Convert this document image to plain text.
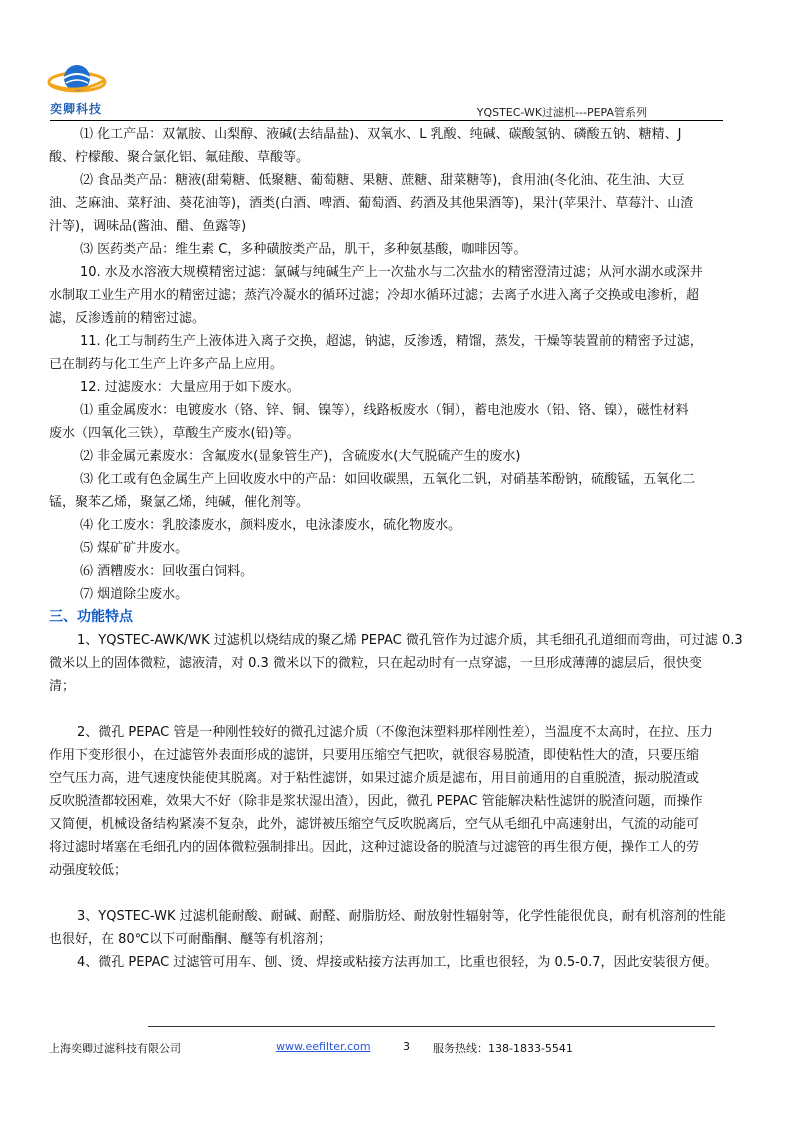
奕卿科技	YQSTEC-WK过滤机---PEPA管系列
⑴ 化工产品：双氰胺、山梨醇、液碱(去结晶盐)、双氧水、L 乳酸、纯碱、碳酸氢钠、磷酸五钠、糖精、J
酸、柠檬酸、聚合氯化铝、氟硅酸、草酸等。
⑵ 食品类产品：糖液(甜菊糖、低聚糖、葡萄糖、果糖、蔗糖、甜菜糖等)，食用油(冬化油、花生油、大豆
油、芝麻油、菜籽油、葵花油等)，酒类(白酒、啤酒、葡萄酒、药酒及其他果酒等)，果汁(苹果汁、草莓汁、山渣
汁等)，调味品(酱油、醋、鱼露等)
⑶ 医药类产品：维生素 C，多种磺胺类产品，肌干，多种氨基酸，咖啡因等。
10. 水及水溶液大规模精密过滤：氯碱与纯碱生产上一次盐水与二次盐水的精密澄清过滤；从河水湖水或深井
水制取工业生产用水的精密过滤；蒸汽冷凝水的循环过滤；冷却水循环过滤；去离子水进入离子交换或电渗析，超
滤，反渗透前的精密过滤。
11. 化工与制药生产上液体进入离子交换，超滤，钠滤，反渗透，精馏，蒸发，干燥等装置前的精密予过滤，
已在制药与化工生产上许多产品上应用。
12. 过滤废水：大量应用于如下废水。
⑴ 重金属废水：电镀废水（铬、锌、铜、镍等），线路板废水（铜），蓄电池废水（铅、铬、镍），磁性材料
废水（四氧化三铁），草酸生产废水(铅)等。
⑵ 非金属元素废水：含氟废水(显象管生产)，含硫废水(大气脱硫产生的废水)
⑶ 化工或有色金属生产上回收废水中的产品：如回收碳黑，五氧化二钒，对硝基苯酚钠，硫酸锰，五氧化二
锰，聚苯乙烯，聚氯乙烯，纯碱，催化剂等。
⑷ 化工废水：乳胶漆废水，颜料废水，电泳漆废水，硫化物废水。
⑸ 煤矿矿井废水。
⑹ 酒糟废水：回收蛋白饲料。
⑺ 烟道除尘废水。
三、功能特点
1、YQSTEC-AWK/WK 过滤机以烧结成的聚乙烯 PEPAC 微孔管作为过滤介质，其毛细孔孔道细而弯曲，可过滤 0.3
微米以上的固体微粒，滤液清，对 0.3 微米以下的微粒，只在起动时有一点穿滤，一旦形成薄薄的滤层后，很快变
清；
2、微孔 PEPAC 管是一种刚性较好的微孔过滤介质（不像泡沫塑料那样刚性差），当温度不太高时，在拉、压力
作用下变形很小，在过滤管外表面形成的滤饼，只要用压缩空气把吹，就很容易脱渣，即使粘性大的渣，只要压缩
空气压力高，进气速度快能使其脱离。对于粘性滤饼，如果过滤介质是滤布，用目前通用的自重脱渣，振动脱渣或
反吹脱渣都较困难，效果大不好（除非是浆状湿出渣），因此，微孔 PEPAC 管能解决粘性滤饼的脱渣问题，而操作
又简便，机械设备结构紧凑不复杂，此外，滤饼被压缩空气反吹脱离后，空气从毛细孔中高速射出，气流的动能可
将过滤时堵塞在毛细孔内的固体微粒强制排出。因此，这种过滤设备的脱渣与过滤管的再生很方便，操作工人的劳
动强度较低；
3、YQSTEC-WK 过滤机能耐酸、耐碱、耐醛、耐脂肪烃、耐放射性辐射等，化学性能很优良，耐有机溶剂的性能
也很好，在 80℃以下可耐酯酮、醚等有机溶剂；
4、微孔 PEPAC 过滤管可用车、刨、烫、焊接或粘接方法再加工，比重也很轻，为 0.5-0.7，因此安装很方便。
上海奕卿过滤科技有限公司	www.eefilter.com	3 服务热线：138-1833-5541
